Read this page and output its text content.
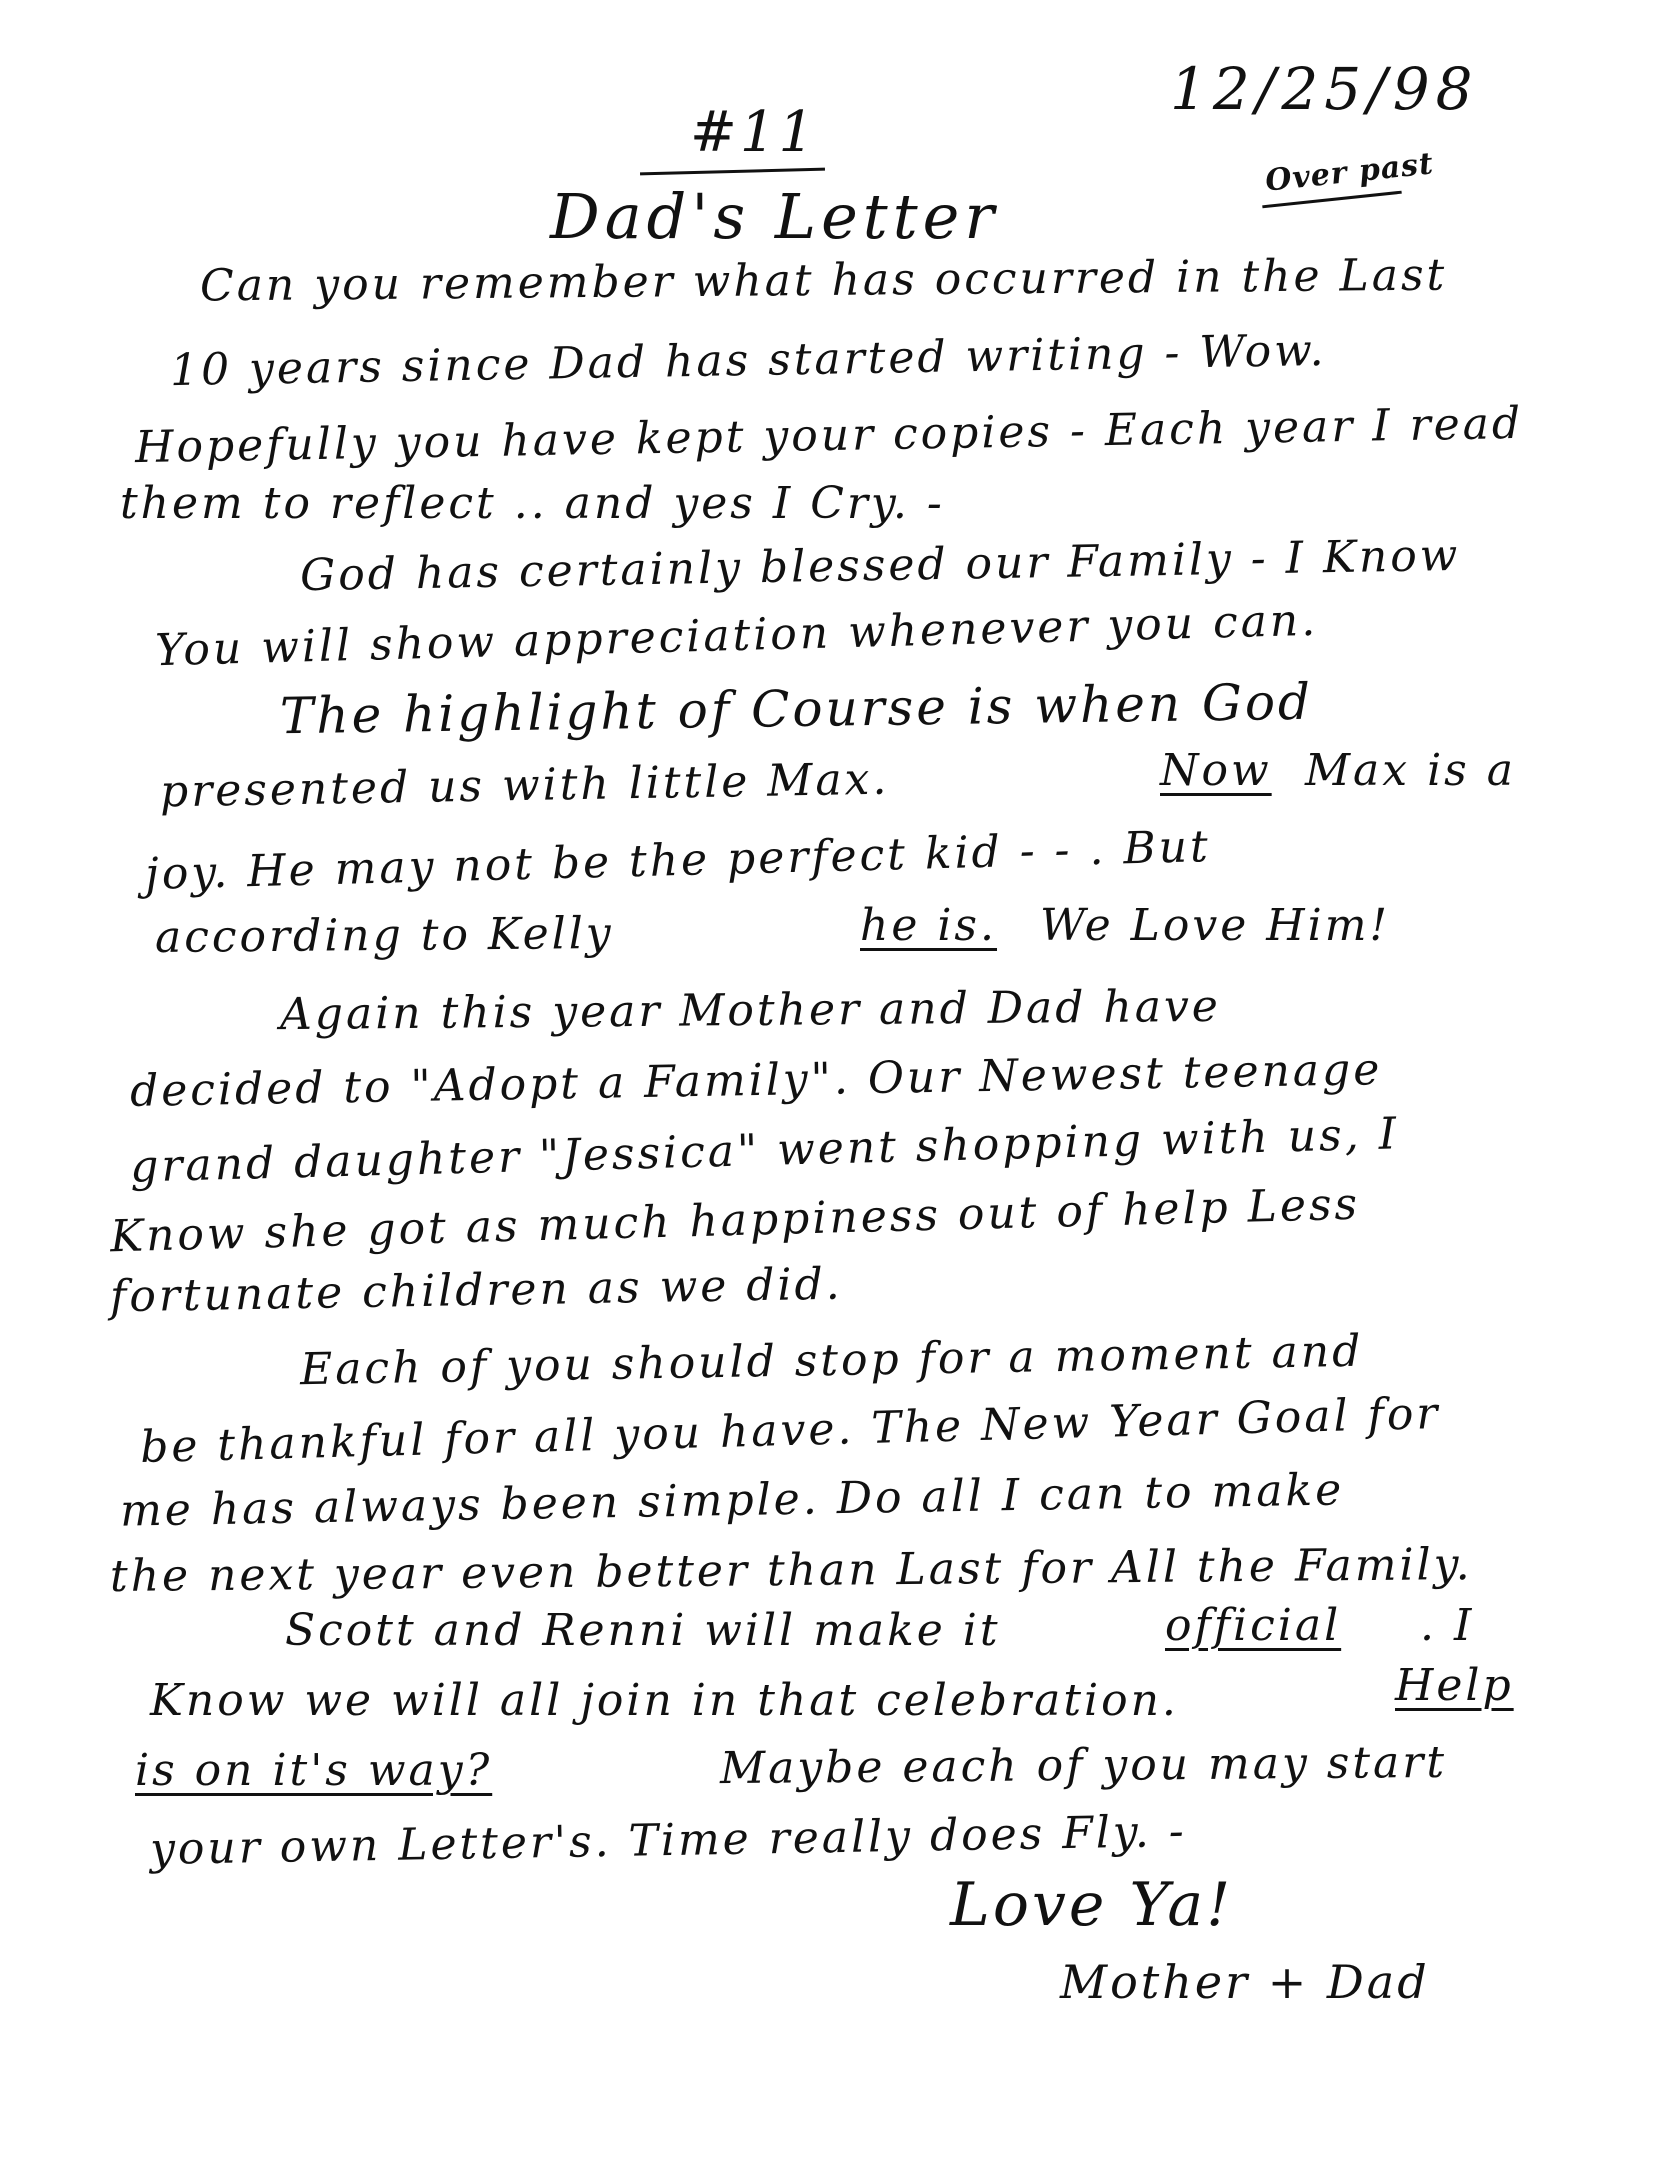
12/25/98
#11
Over past
Dad's Letter
Can you remember what has occurred in the Last
10 years since Dad has started writing - Wow.
Hopefully you have kept your copies - Each year I read
them to reflect .. and yes I Cry. -
God has certainly blessed our Family - I Know
You will show appreciation whenever you can.
The highlight of Course is when God
presented us with little Max.	Now Max is a
joy. He may not be the perfect kid - - . But
according to Kelly	he is. We Love Him!
Again this year Mother and Dad have
decided to "Adopt a Family". Our Newest teenage
grand daughter "Jessica" went shopping with us, I
Know she got as much happiness out of help Less
fortunate children as we did.
Each of you should stop for a moment and
be thankful for all you have. The New Year Goal for
me has always been simple. Do all I can to make
the next year even better than Last for All the Family.
Scott and Renni will make it	official . I
Know we will all join in that celebration.	Help
is on it's way?	Maybe each of you may start
your own Letter's. Time really does Fly. -
Love Ya!
Mother + Dad
